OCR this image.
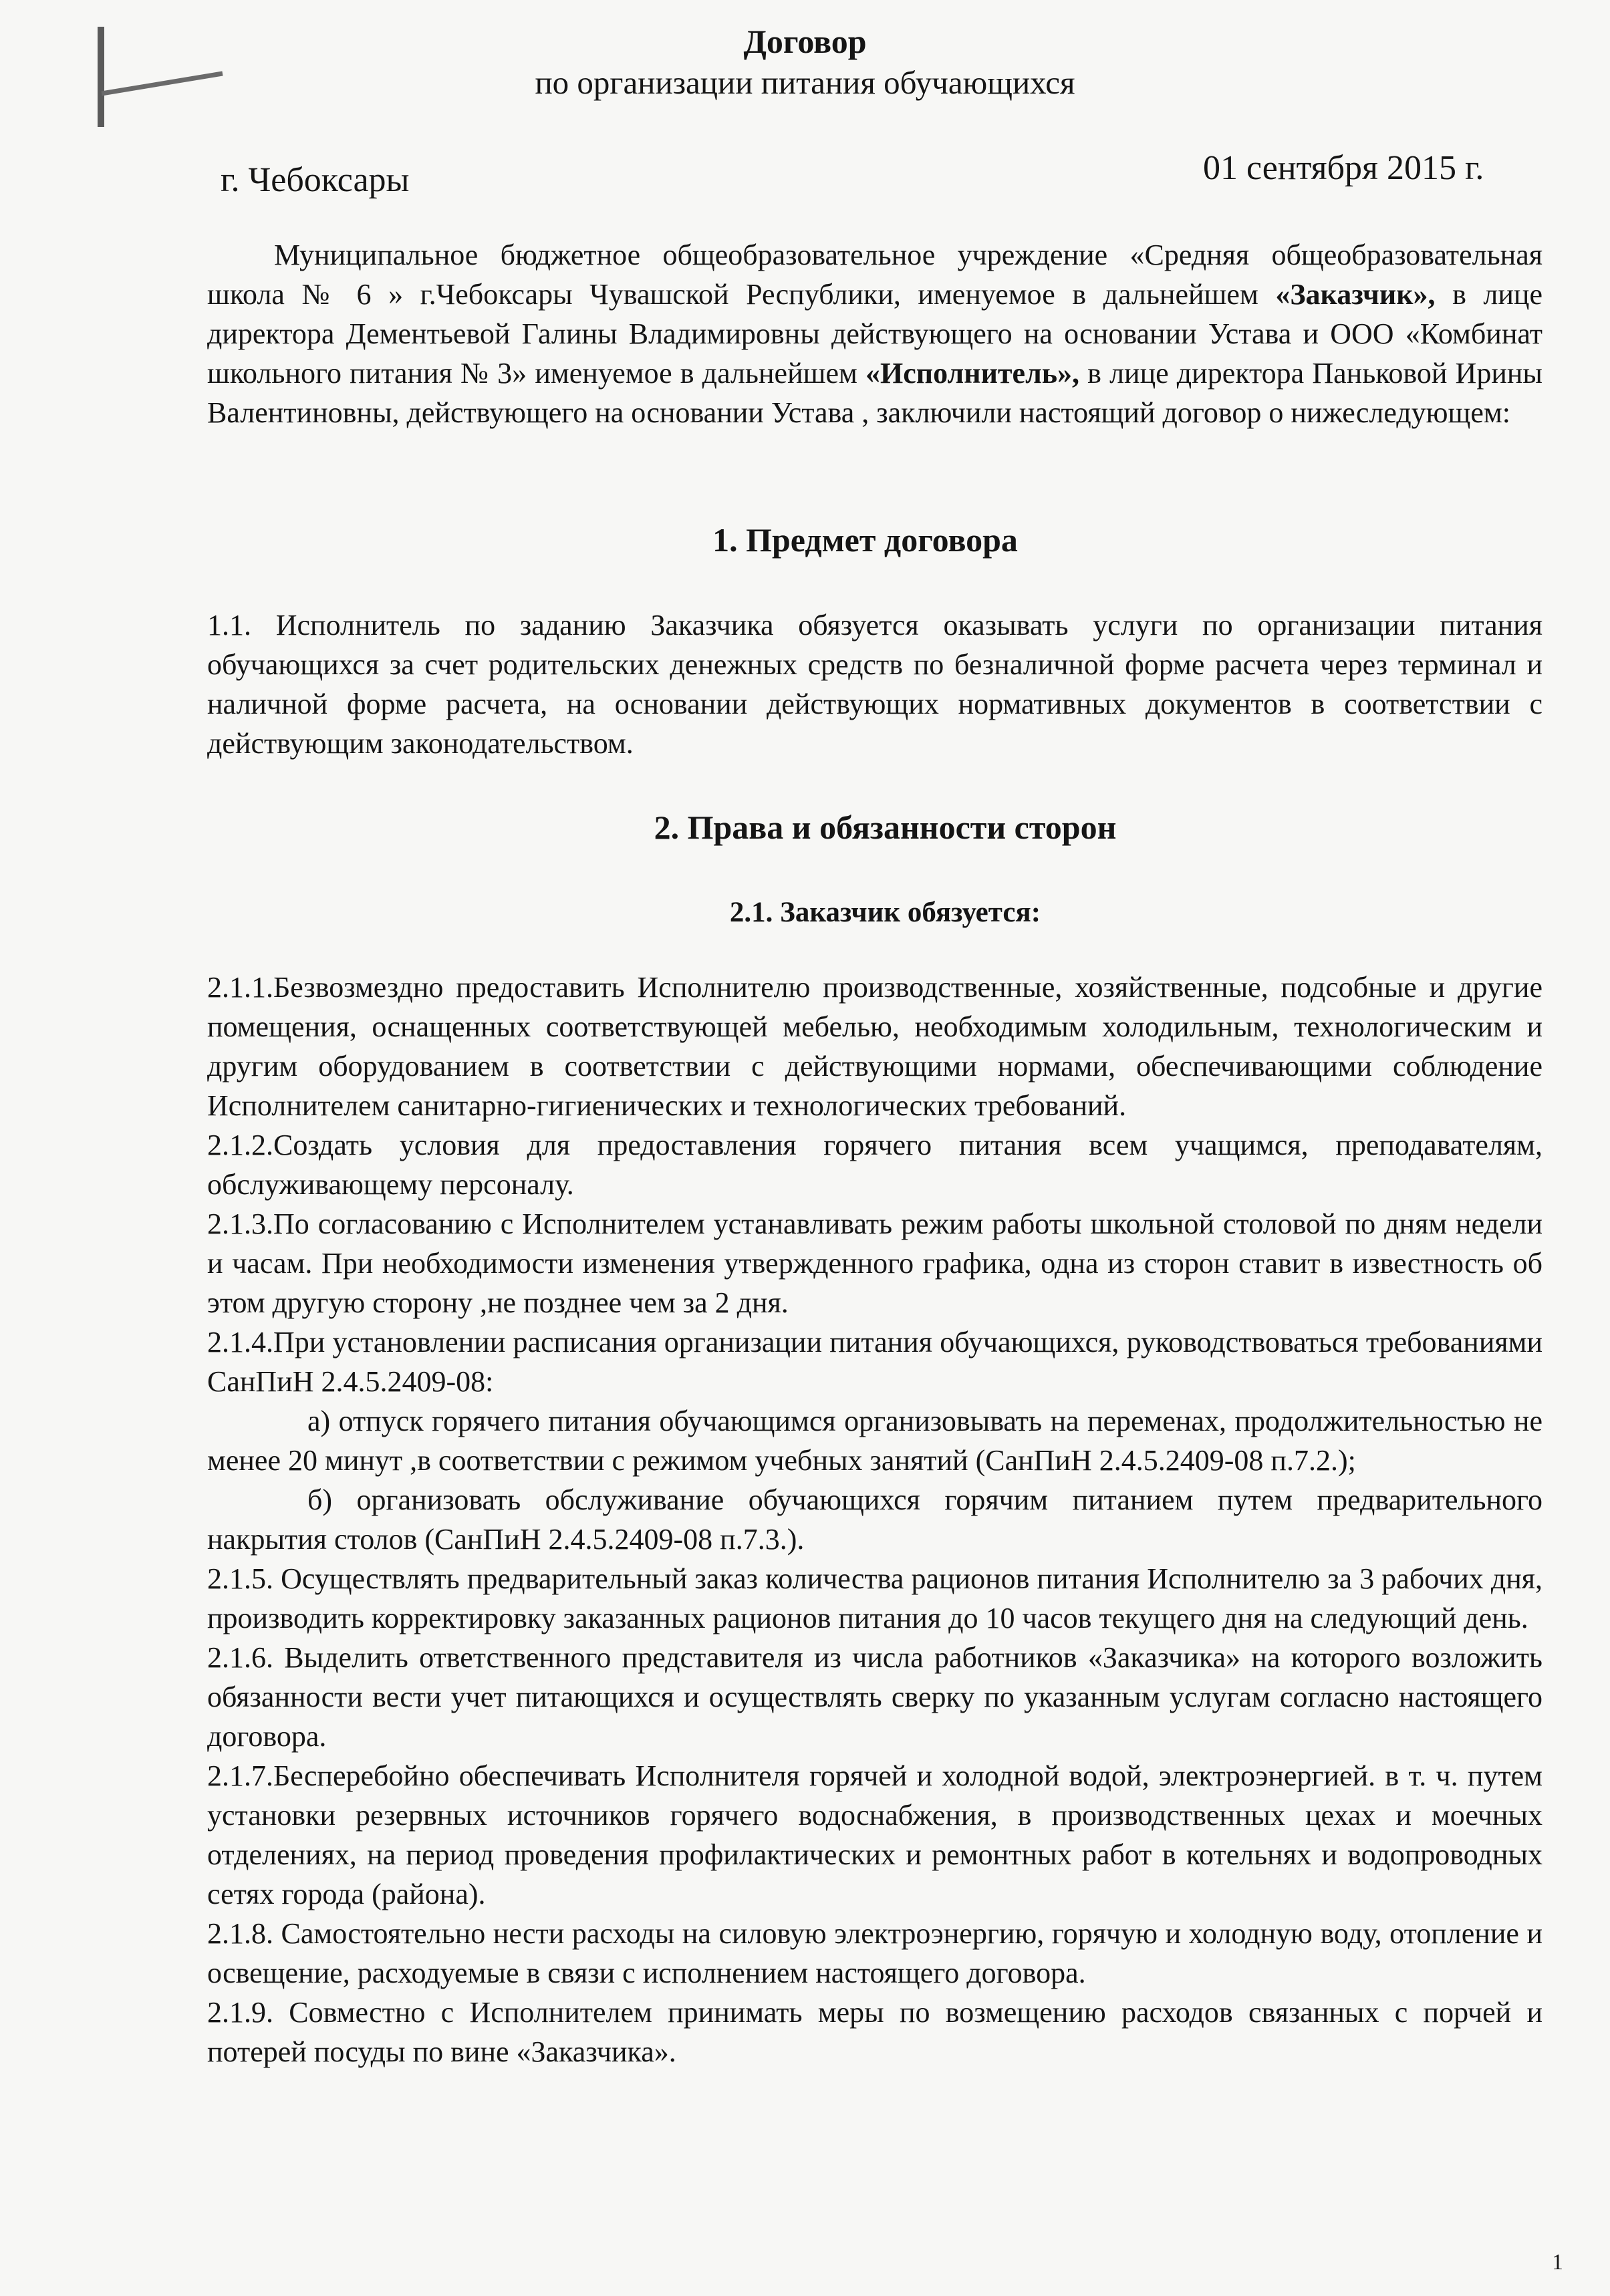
Договор
по организации питания обучающихся
г. Чебоксары	01 сентября 2015 г.
Муниципальное бюджетное общеобразовательное учреждение «Средняя общеобразовательная школа № 6 » г.Чебоксары Чувашской Республики, именуемое в дальнейшем «Заказчик», в лице директора Дементьевой Галины Владимировны действующего на основании Устава и ООО «Комбинат школьного питания № 3» именуемое в дальнейшем «Исполнитель», в лице директора Паньковой Ирины Валентиновны, действующего на основании Устава , заключили настоящий договор о нижеследующем:
1. Предмет договора

1.1. Исполнитель по заданию Заказчика обязуется оказывать услуги по организации питания обучающихся за счет родительских денежных средств по безналичной форме расчета через терминал и наличной форме расчета, на основании действующих нормативных документов в соответствии с действующим законодательством.

2. Права и обязанности сторон
2.1. Заказчик обязуется:

2.1.1.Безвозмездно предоставить Исполнителю производственные, хозяйственные, подсобные и другие помещения, оснащенных соответствующей мебелью, необходимым холодильным, технологическим и другим оборудованием в соответствии с действующими нормами, обеспечивающими соблюдение Исполнителем санитарно-гигиенических и технологических требований.

2.1.2.Создать условия для предоставления горячего питания всем учащимся, преподавателям, обслуживающему персоналу.

2.1.3.По согласованию с Исполнителем устанавливать режим работы школьной столовой по дням недели и часам. При необходимости изменения утвержденного графика, одна из сторон ставит в известность об этом другую сторону ,не позднее чем за 2 дня.

2.1.4.При установлении расписания организации питания обучающихся, руководствоваться требованиями СанПиН 2.4.5.2409-08:

а) отпуск горячего питания обучающимся организовывать на переменах, продолжительностью не менее 20 минут ,в соответствии с режимом учебных занятий (СанПиН 2.4.5.2409-08 п.7.2.);

б) организовать обслуживание обучающихся горячим питанием путем предварительного накрытия столов (СанПиН 2.4.5.2409-08 п.7.3.).

2.1.5. Осуществлять предварительный заказ количества рационов питания Исполнителю за 3 рабочих дня, производить корректировку заказанных рационов питания до 10 часов текущего дня на следующий день.

2.1.6. Выделить ответственного представителя из числа работников «Заказчика» на которого возложить обязанности вести учет питающихся и осуществлять сверку по указанным услугам согласно настоящего договора.

2.1.7.Бесперебойно обеспечивать Исполнителя горячей и холодной водой, электроэнергией. в т. ч. путем установки резервных источников горячего водоснабжения, в производственных цехах и моечных отделениях, на период проведения профилактических и ремонтных работ в котельнях и водопроводных сетях города (района).

2.1.8. Самостоятельно нести расходы на силовую электроэнергию, горячую и холодную воду, отопление и освещение, расходуемые в связи с исполнением настоящего договора.

2.1.9. Совместно с Исполнителем принимать меры по возмещению расходов связанных с порчей и потерей посуды по вине «Заказчика».

1
